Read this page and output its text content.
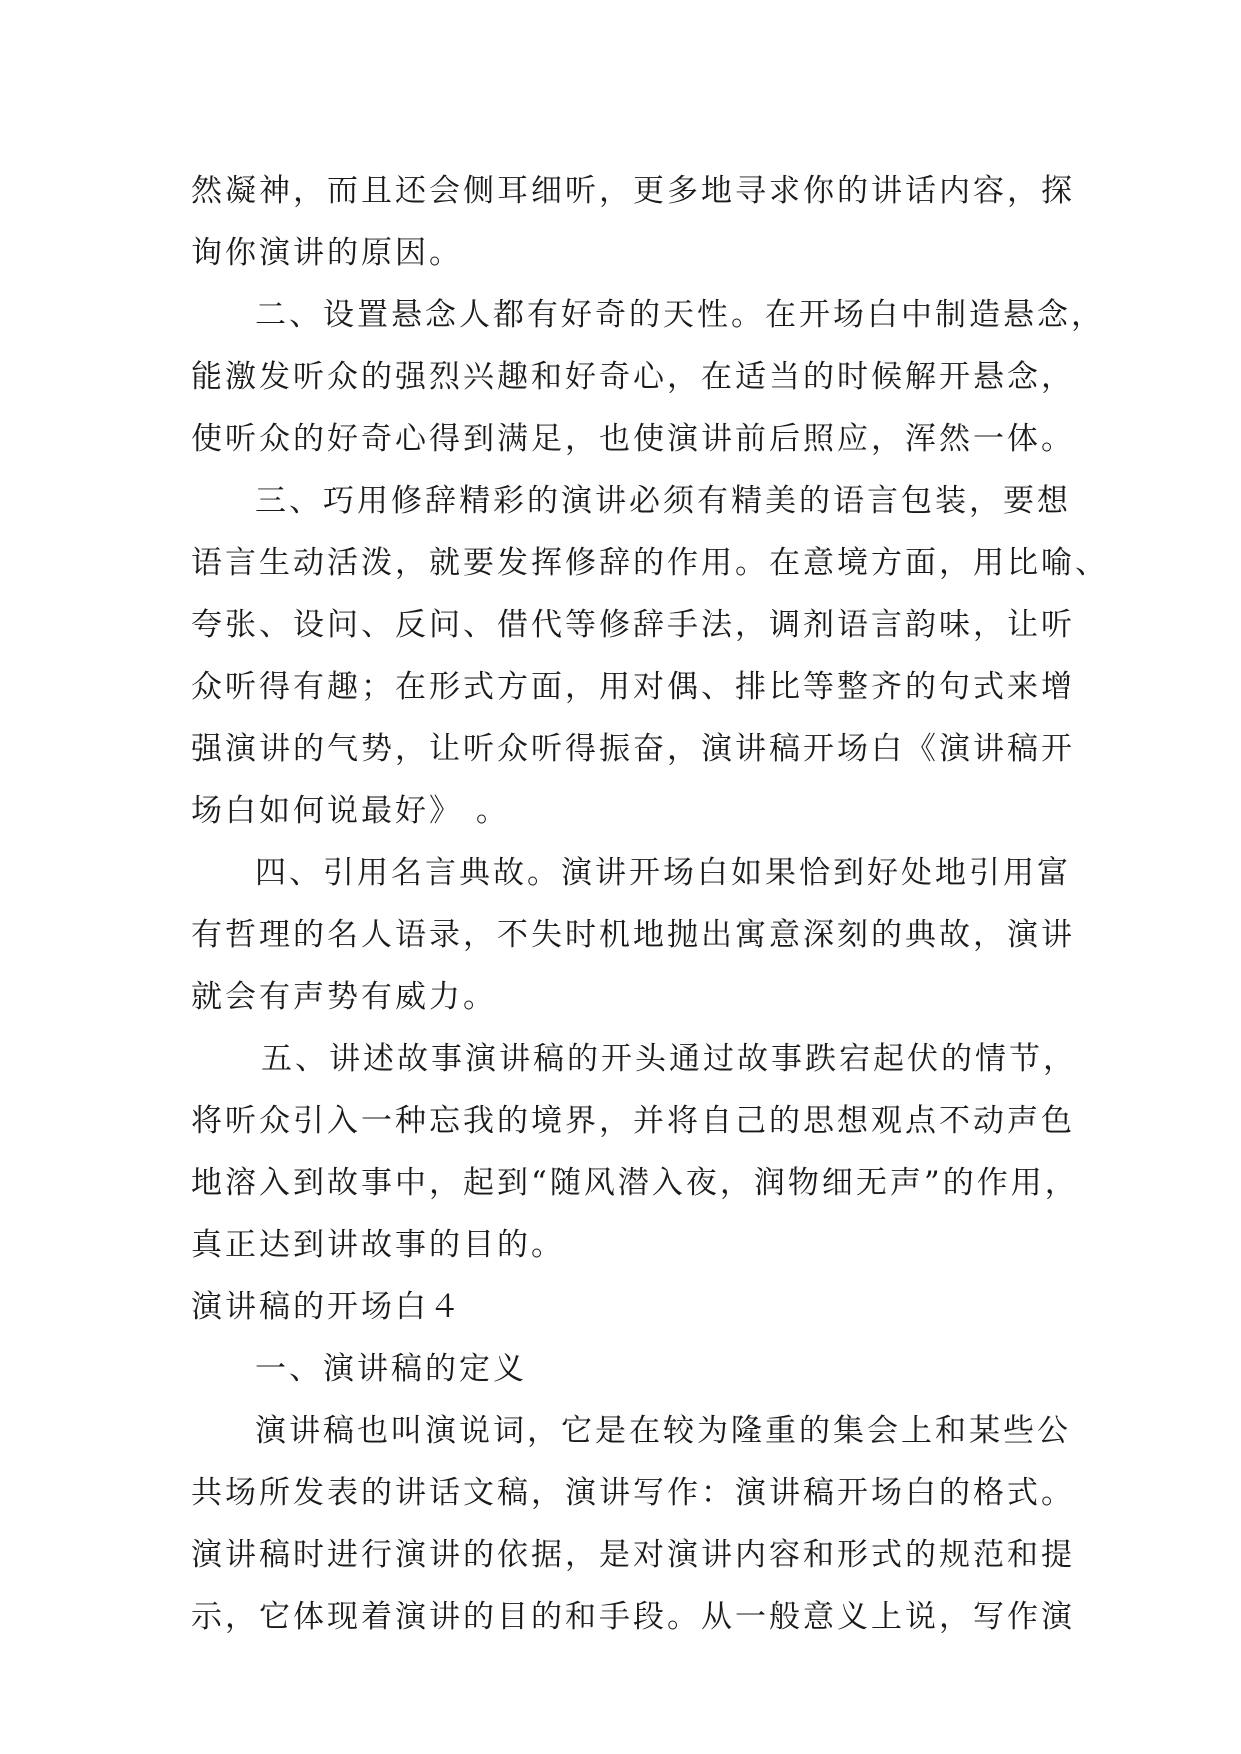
然凝神，而且还会侧耳细听，更多地寻求你的讲话内容，探
询你演讲的原因。
二、设置悬念人都有好奇的天性。在开场白中制造悬念，
能激发听众的强烈兴趣和好奇心，在适当的时候解开悬念，
使听众的好奇心得到满足，也使演讲前后照应，浑然一体。
三、巧用修辞精彩的演讲必须有精美的语言包装，要想
语言生动活泼，就要发挥修辞的作用。在意境方面，用比喻、
夸张、设问、反问、借代等修辞手法，调剂语言韵味，让听
众听得有趣；在形式方面，用对偶、排比等整齐的句式来增
强演讲的气势，让听众听得振奋，演讲稿开场白《演讲稿开
场白如何说最好》 。
四、引用名言典故。演讲开场白如果恰到好处地引用富
有哲理的名人语录，不失时机地抛出寓意深刻的典故，演讲
就会有声势有威力。
五、讲述故事演讲稿的开头通过故事跌宕起伏的情节，
将听众引入一种忘我的境界，并将自己的思想观点不动声色
地溶入到故事中，起到“随风潜入夜，润物细无声”的作用，
真正达到讲故事的目的。
演讲稿的开场白４
一、演讲稿的定义
演讲稿也叫演说词，它是在较为隆重的集会上和某些公
共场所发表的讲话文稿，演讲写作：演讲稿开场白的格式。
演讲稿时进行演讲的依据，是对演讲内容和形式的规范和提
示，它体现着演讲的目的和手段。从一般意义上说，写作演
